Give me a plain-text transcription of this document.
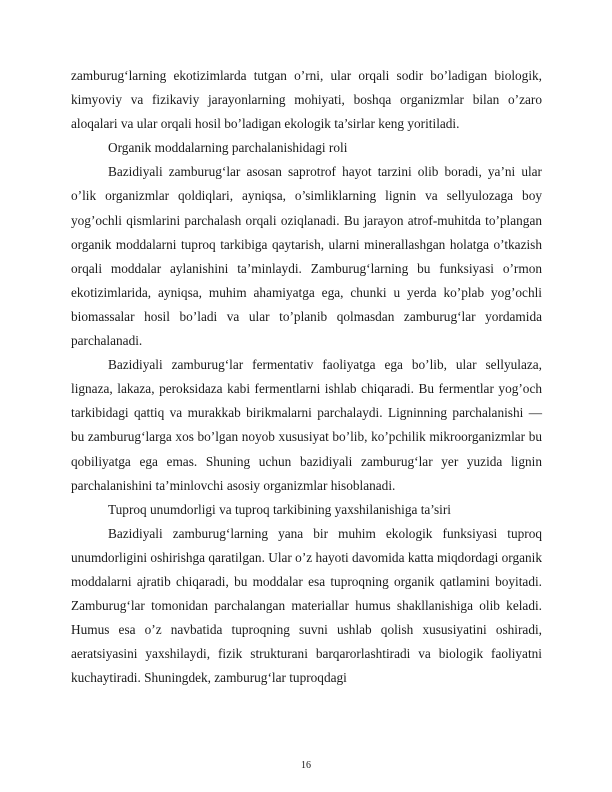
zamburug‘larning ekotizimlarda tutgan o’rni, ular orqali sodir bo’ladigan biologik, kimyoviy va fizikaviy jarayonlarning mohiyati, boshqa organizmlar bilan o’zaro aloqalari va ular orqali hosil bo’ladigan ekologik ta’sirlar keng yoritiladi.

Organik moddalarning parchalanishidagi roli

Bazidiyali zamburug‘lar asosan saprotrof hayot tarzini olib boradi, ya’ni ular o’lik organizmlar qoldiqlari, ayniqsa, o’simliklarning lignin va sellyulozaga boy yog’ochli qismlarini parchalash orqali oziqlanadi. Bu jarayon atrof-muhitda to’plangan organik moddalarni tuproq tarkibiga qaytarish, ularni minerallashgan holatga o’tkazish orqali moddalar aylanishini ta’minlaydi. Zamburug‘larning bu funksiyasi o’rmon ekotizimlarida, ayniqsa, muhim ahamiyatga ega, chunki u yerda ko’plab yog’ochli biomassalar hosil bo’ladi va ular to’planib qolmasdan zamburug‘lar yordamida parchalanadi.

Bazidiyali zamburug‘lar fermentativ faoliyatga ega bo’lib, ular sellyulaza, lignaza, lakaza, peroksidaza kabi fermentlarni ishlab chiqaradi. Bu fermentlar yog’och tarkibidagi qattiq va murakkab birikmalarni parchalaydi. Ligninning parchalanishi — bu zamburug‘larga xos bo’lgan noyob xususiyat bo’lib, ko’pchilik mikroorganizmlar bu qobiliyatga ega emas. Shuning uchun bazidiyali zamburug‘lar yer yuzida lignin parchalanishini ta’minlovchi asosiy organizmlar hisoblanadi.

Tuproq unumdorligi va tuproq tarkibining yaxshilanishiga ta’siri

Bazidiyali zamburug‘larning yana bir muhim ekologik funksiyasi tuproq unumdorligini oshirishga qaratilgan. Ular o’z hayoti davomida katta miqdordagi organik moddalarni ajratib chiqaradi, bu moddalar esa tuproqning organik qatlamini boyitadi. Zamburug‘lar tomonidan parchalangan materiallar humus shakllanishiga olib keladi. Humus esa o’z navbatida tuproqning suvni ushlab qolish xususiyatini oshiradi, aeratsiyasini yaxshilaydi, fizik strukturani barqarorlashtiradi va biologik faoliyatni kuchaytiradi. Shuningdek, zamburug‘lar tuproqdagi

16
